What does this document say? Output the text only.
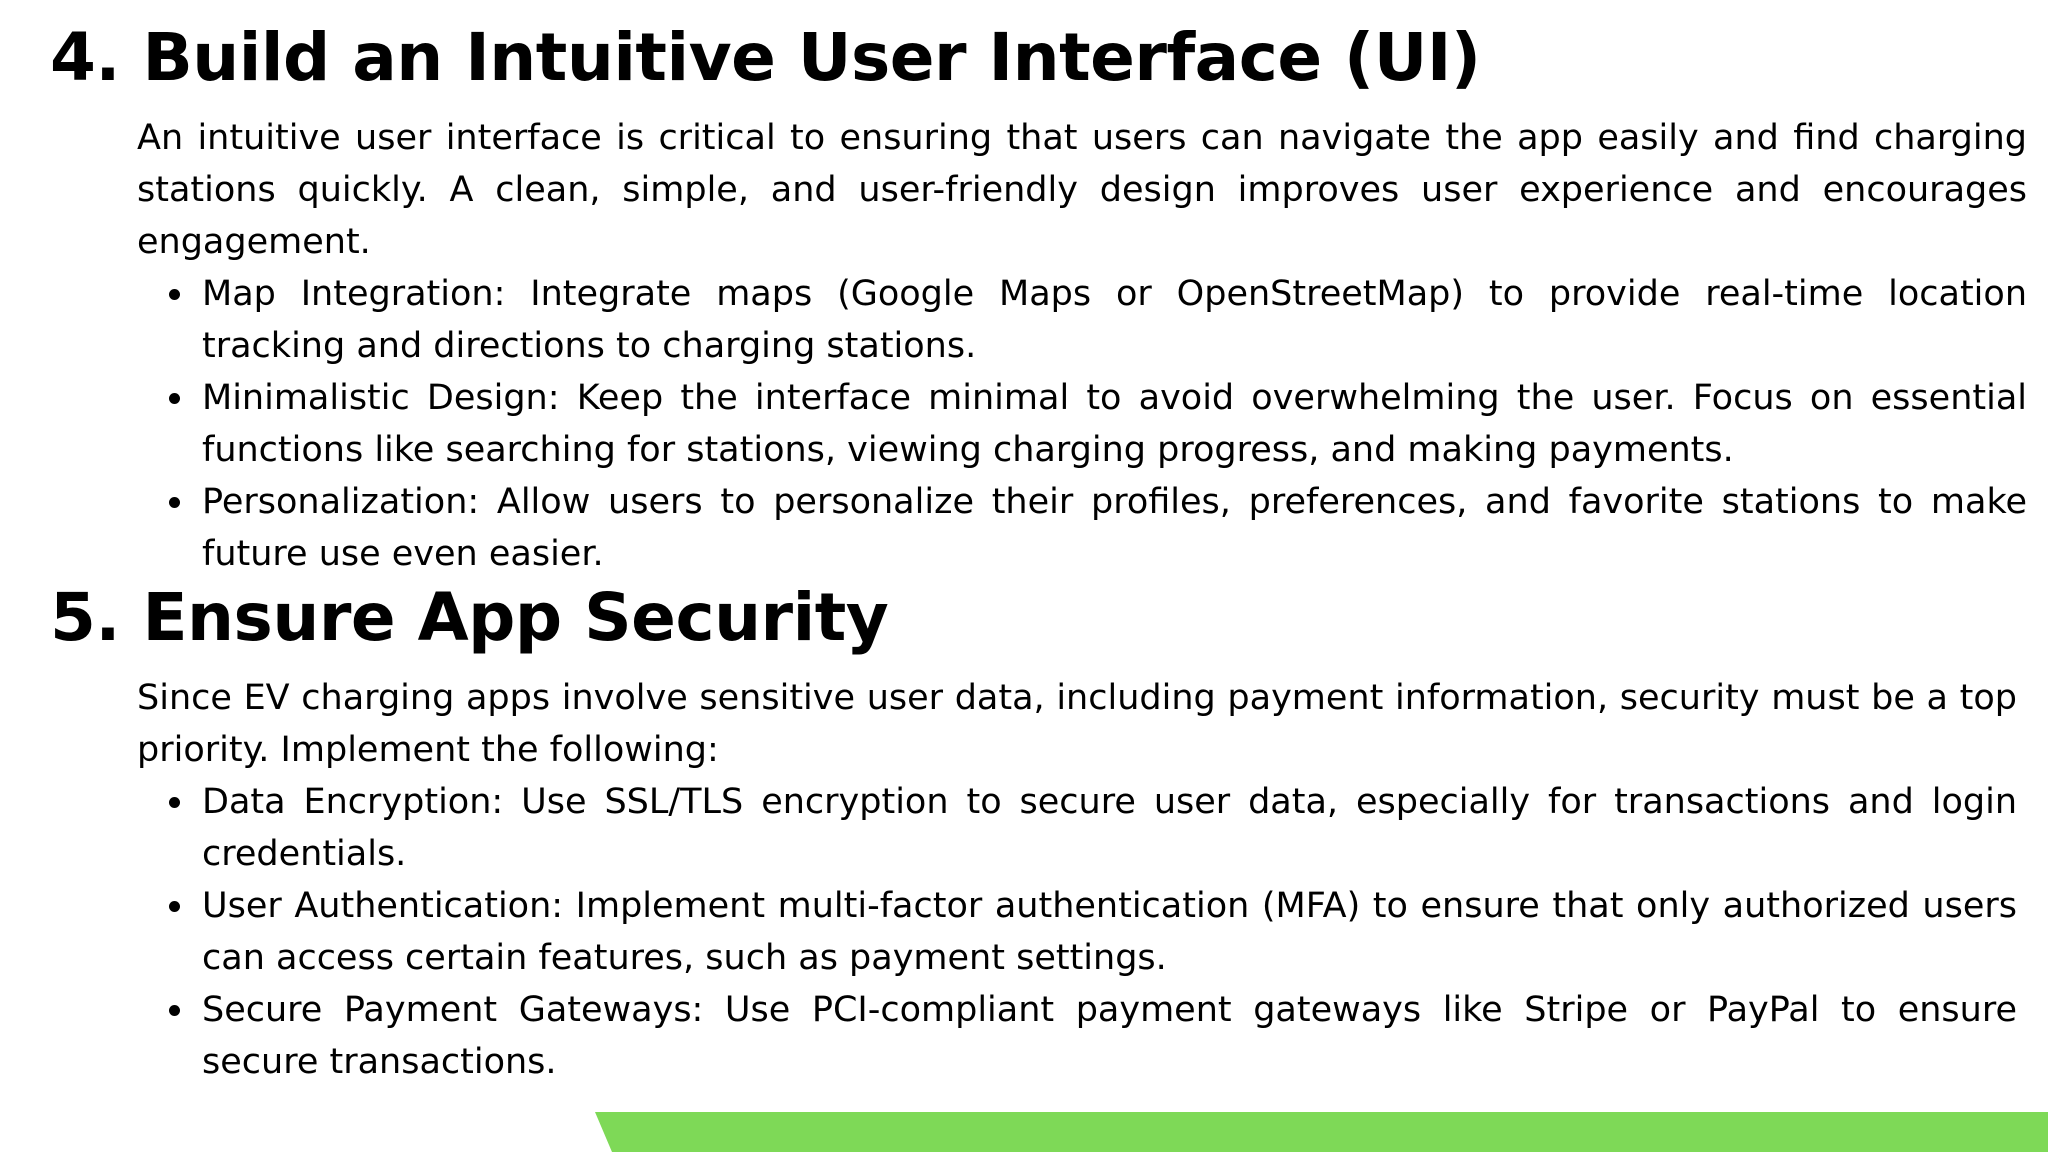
4. Build an Intuitive User Interface (UI)

An intuitive user interface is critical to ensuring that users can navigate the app easily and find charging stations quickly. A clean, simple, and user-friendly design improves user experience and encourages engagement.

Map Integration: Integrate maps (Google Maps or OpenStreetMap) to provide real-time location tracking and directions to charging stations.
Minimalistic Design: Keep the interface minimal to avoid overwhelming the user. Focus on essential functions like searching for stations, viewing charging progress, and making payments.
Personalization: Allow users to personalize their profiles, preferences, and favorite stations to make future use even easier.
5. Ensure App Security

Since EV charging apps involve sensitive user data, including payment information, security must be a top priority. Implement the following:

Data Encryption: Use SSL/TLS encryption to secure user data, especially for transactions and login credentials.
User Authentication: Implement multi-factor authentication (MFA) to ensure that only authorized users can access certain features, such as payment settings.
Secure Payment Gateways: Use PCI-compliant payment gateways like Stripe or PayPal to ensure secure transactions.
